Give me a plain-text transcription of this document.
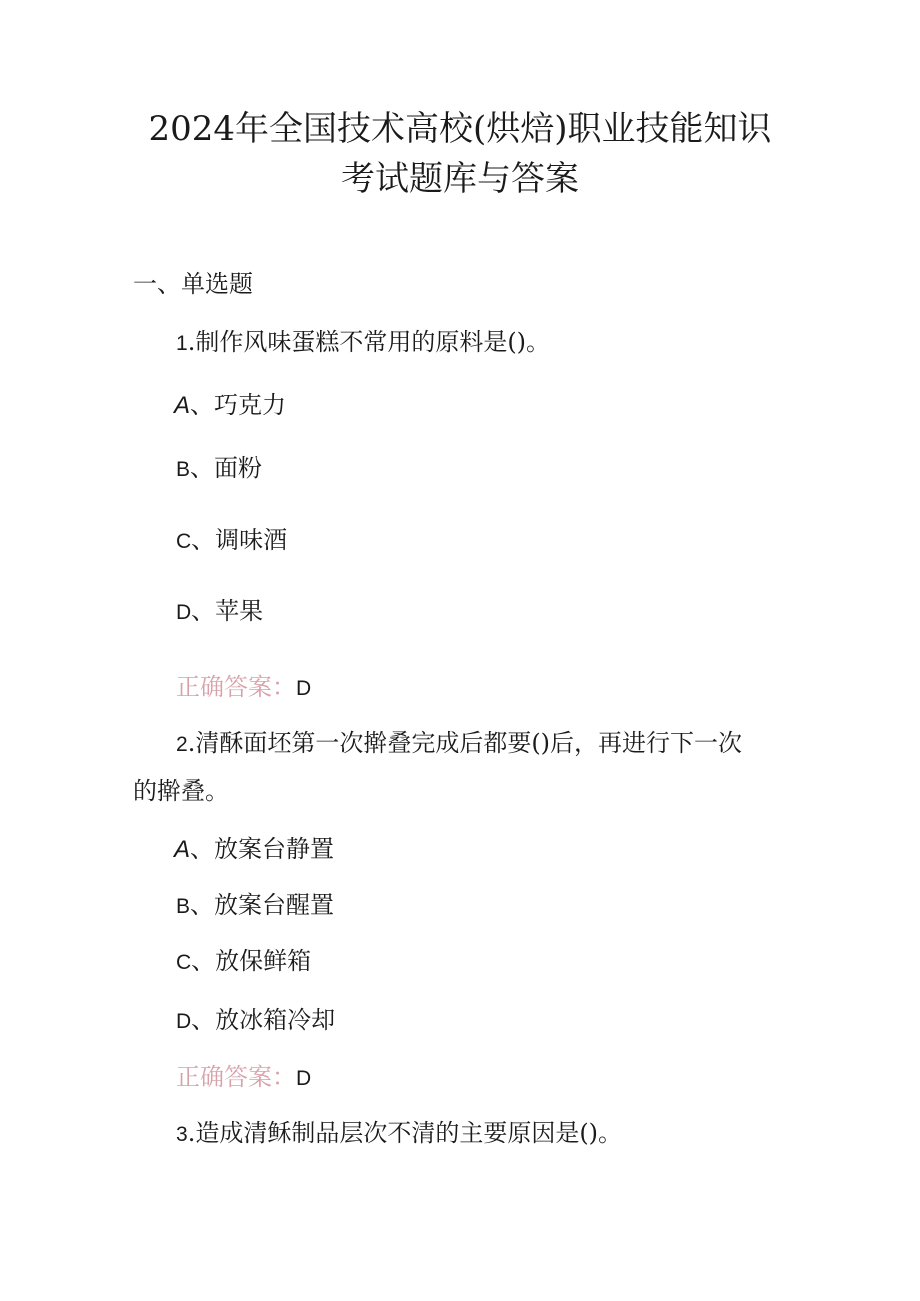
2024年全国技术高校(烘焙)职业技能知识
考试题库与答案
一、单选题
1.制作风味蛋糕不常用的原料是()。
A、巧克力
B、面粉
C、调味酒
D、苹果
正确答案：D
2.清酥面坯第一次擀叠完成后都要()后，再进行下一次
的擀叠。
A、放案台静置
B、放案台醒置
C、放保鲜箱
D、放冰箱冷却
正确答案：D
3.造成清稣制品层次不清的主要原因是()。
